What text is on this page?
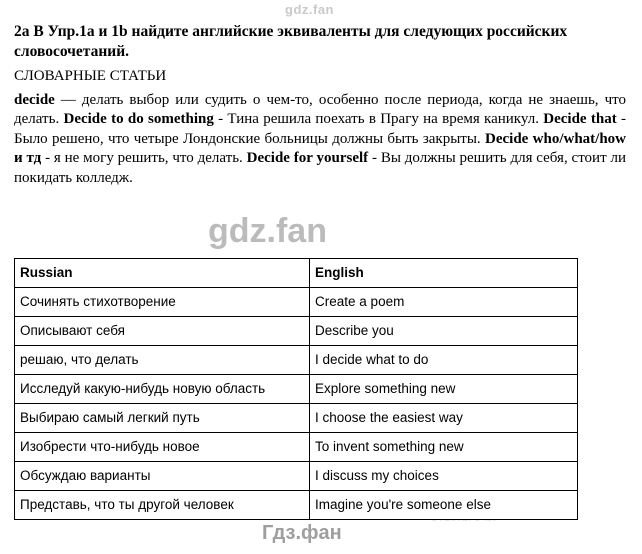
gdz.fan
gdz.fan
Гдз.фан

2a В Упр.1a и 1b найдите английские эквиваленты для следующих российских словосочетаний.

СЛОВАРНЫЕ СТАТЬИ

decide — делать выбор или судить о чем-то, особенно после периода, когда не знаешь, что делать. Decide to do something - Тина решила поехать в Прагу на время каникул. Decide that - Было решено, что четыре Лондонские больницы должны быть закрыты. Decide who/what/how и тд - я не могу решить, что делать. Decide for yourself - Вы должны решить для себя, стоит ли покидать колледж.

Russian	English
Сочинять стихотворение	Create a poem
Описывают себя	Describe you
решаю, что делать	I decide what to do
Исследуй какую-нибудь новую область	Explore something new
Выбираю самый легкий путь	I choose the easiest way
Изобрести что-нибудь новое	To invent something new
Обсуждаю варианты	I discuss my choices
Представь, что ты другой человек	Imagine you're someone else
